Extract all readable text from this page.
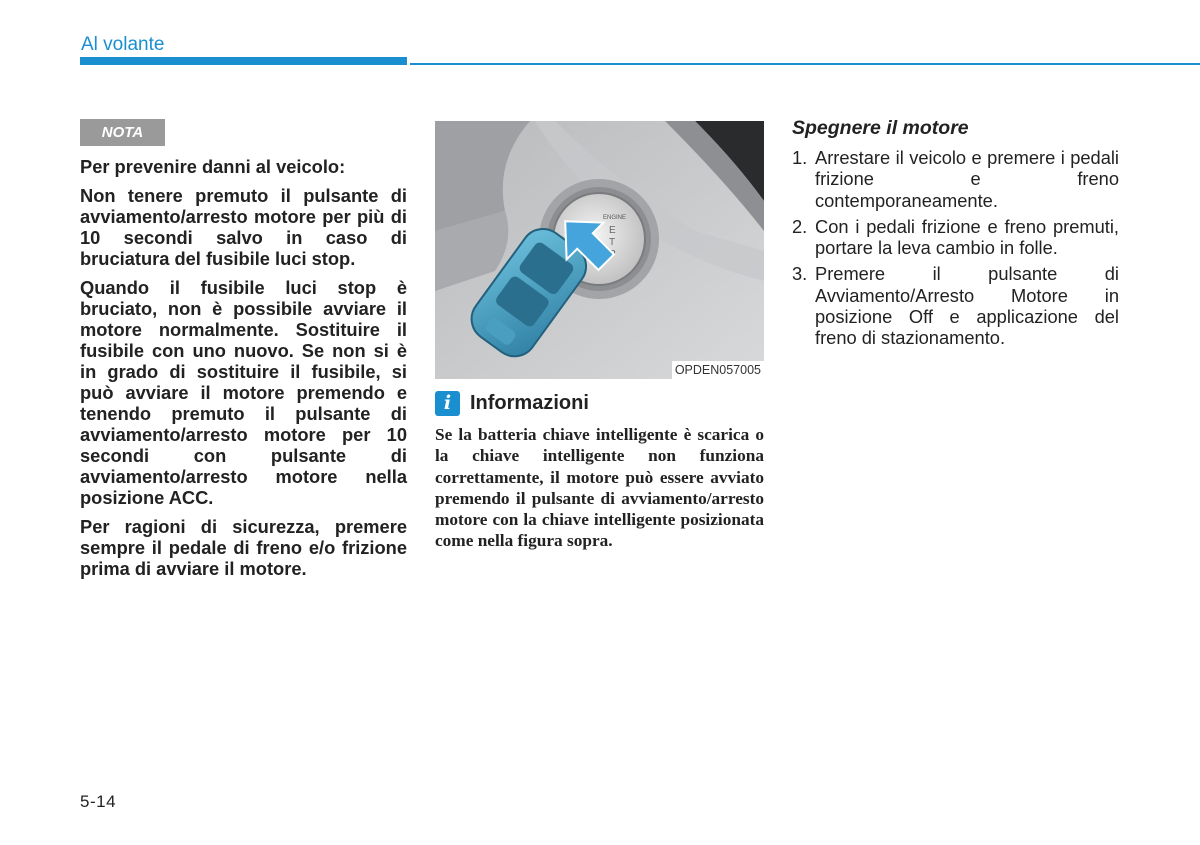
Al volante
NOTA

Per prevenire danni al veicolo:

Non tenere premuto il pulsante di avviamento/arresto motore per più di 10 secondi salvo in caso di bruciatura del fusibile luci stop.

Quando il fusibile luci stop è bruciato, non è possibile avviare il motore normalmente. Sostituire il fusibile con uno nuovo. Se non si è in grado di sostituire il fusibile, si può avviare il motore premendo e tenendo premuto il pulsante di avviamento/arresto motore per 10 secondi con pulsante di avviamento/arresto motore nella posizione ACC.

Per ragioni di sicurezza, premere sempre il pedale di freno e/o frizione prima di avviare il motore.

ENGINE
E
T
OPDEN057005
i Informazioni

Se la batteria chiave intelligente è scarica o la chiave intelligente non funziona correttamente, il motore può essere avviato premendo il pulsante di avviamento/arresto motore con la chiave intelligente posizionata come nella figura sopra.

Spegnere il motore
1. Arrestare il veicolo e premere i pedali frizione e freno contemporaneamente.
2. Con i pedali frizione e freno premuti, portare la leva cambio in folle.
3. Premere il pulsante di Avviamento/Arresto Motore in posizione Off e applicazione del freno di stazionamento.

5-14
